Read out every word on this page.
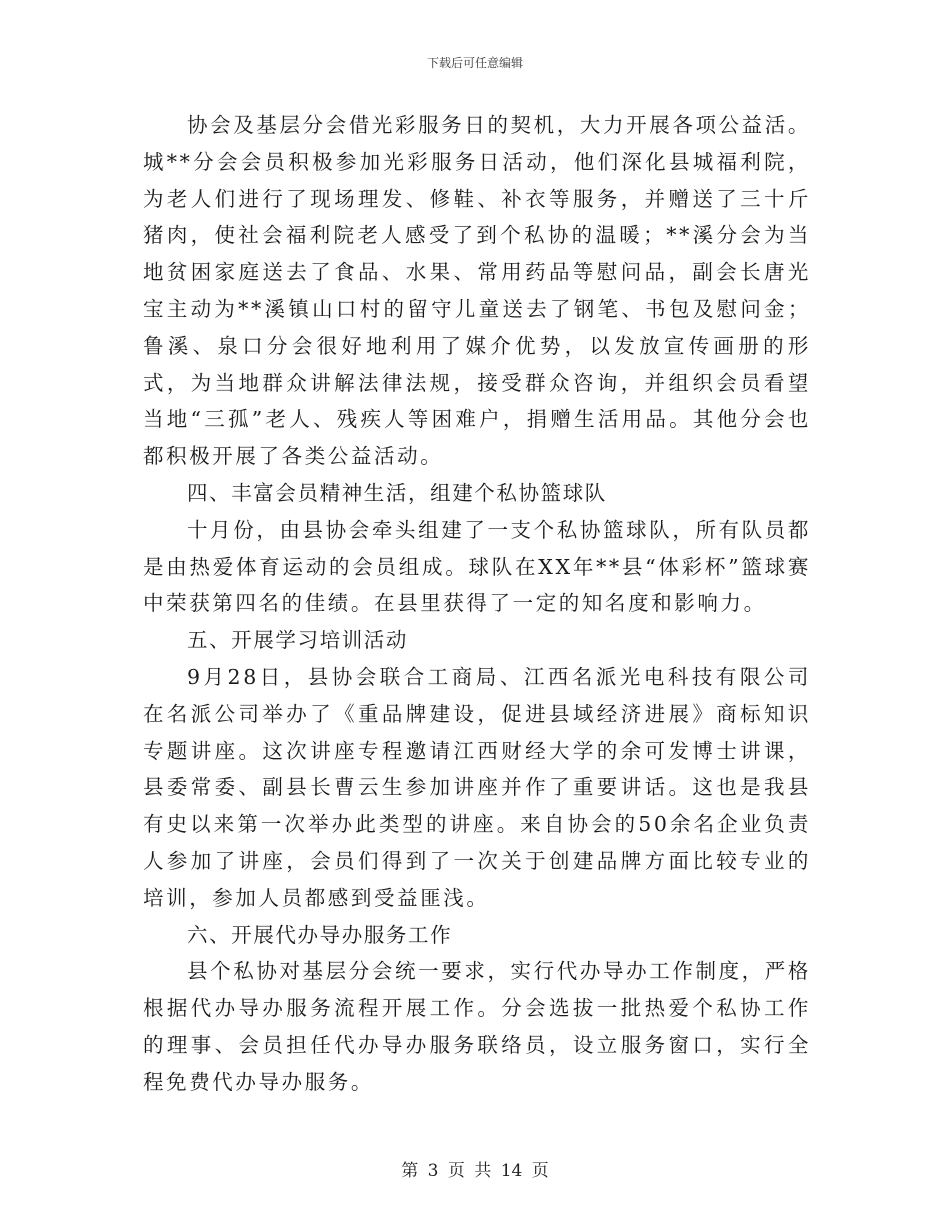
下载后可任意编辑

协会及基层分会借光彩服务日的契机，大力开展各项公益活。城**分会会员积极参加光彩服务日活动，他们深化县城福利院，为老人们进行了现场理发、修鞋、补衣等服务，并赠送了三十斤猪肉，使社会福利院老人感受了到个私协的温暖；**溪分会为当地贫困家庭送去了食品、水果、常用药品等慰问品，副会长唐光宝主动为**溪镇山口村的留守儿童送去了钢笔、书包及慰问金；鲁溪、泉口分会很好地利用了媒介优势，以发放宣传画册的形式，为当地群众讲解法律法规，接受群众咨询，并组织会员看望当地“三孤”老人、残疾人等困难户，捐赠生活用品。其他分会也都积极开展了各类公益活动。

四、丰富会员精神生活，组建个私协篮球队

十月份，由县协会牵头组建了一支个私协篮球队，所有队员都是由热爱体育运动的会员组成。球队在XX年**县“体彩杯”篮球赛中荣获第四名的佳绩。在县里获得了一定的知名度和影响力。

五、开展学习培训活动

9月28日，县协会联合工商局、江西名派光电科技有限公司在名派公司举办了《重品牌建设，促进县域经济进展》商标知识专题讲座。这次讲座专程邀请江西财经大学的余可发博士讲课，县委常委、副县长曹云生参加讲座并作了重要讲话。这也是我县有史以来第一次举办此类型的讲座。来自协会的50余名企业负责人参加了讲座，会员们得到了一次关于创建品牌方面比较专业的培训，参加人员都感到受益匪浅。

六、开展代办导办服务工作

县个私协对基层分会统一要求，实行代办导办工作制度，严格根据代办导办服务流程开展工作。分会选拔一批热爱个私协工作的理事、会员担任代办导办服务联络员，设立服务窗口，实行全程免费代办导办服务。

第 3 页 共 14 页
